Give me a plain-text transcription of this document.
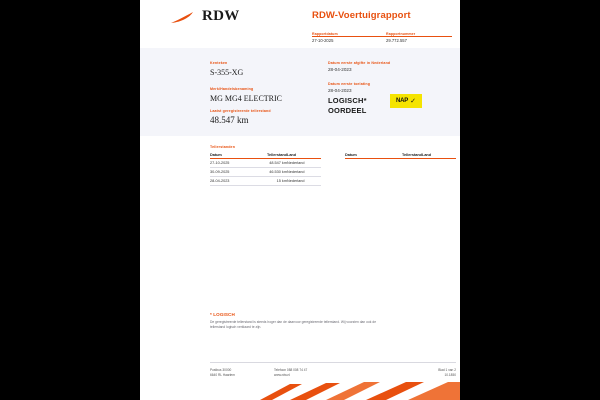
RDW	RDW-Voertuigrapport
Rapportdatum
27-10-2025
Rapportnummer
29.772.557
Kenteken
S-355-XG
Merk/Handelsbenaming
MG MG4 ELECTRIC
Laatst geregistreerde tellerstand
48.547 km
Datum eerste afgifte in Nederland
28-04-2023
Datum eerste toelating
28-04-2023
LOGISCH*
OORDEEL
NAP ✓
Tellerstanden
Datum	Tellerstand	Land
27-10-2025	48.547 km	Nederland
30-09-2025	46.530 km	Nederland
28-04-2023	15 km	Nederland
Datum	Tellerstand	Land
* LOGISCH
De geregistreerde tellerstand is steeds hoger dan de daarvoor geregistreerde tellerstand. Wij voorzien dan ook de tellerstand logisch verklaard te zijn.
Postbus 30000
6640 RL Haarlem
Telefoon 088 008 74 47
www.rdw.nl
Blad 1 van 2
10.1850
